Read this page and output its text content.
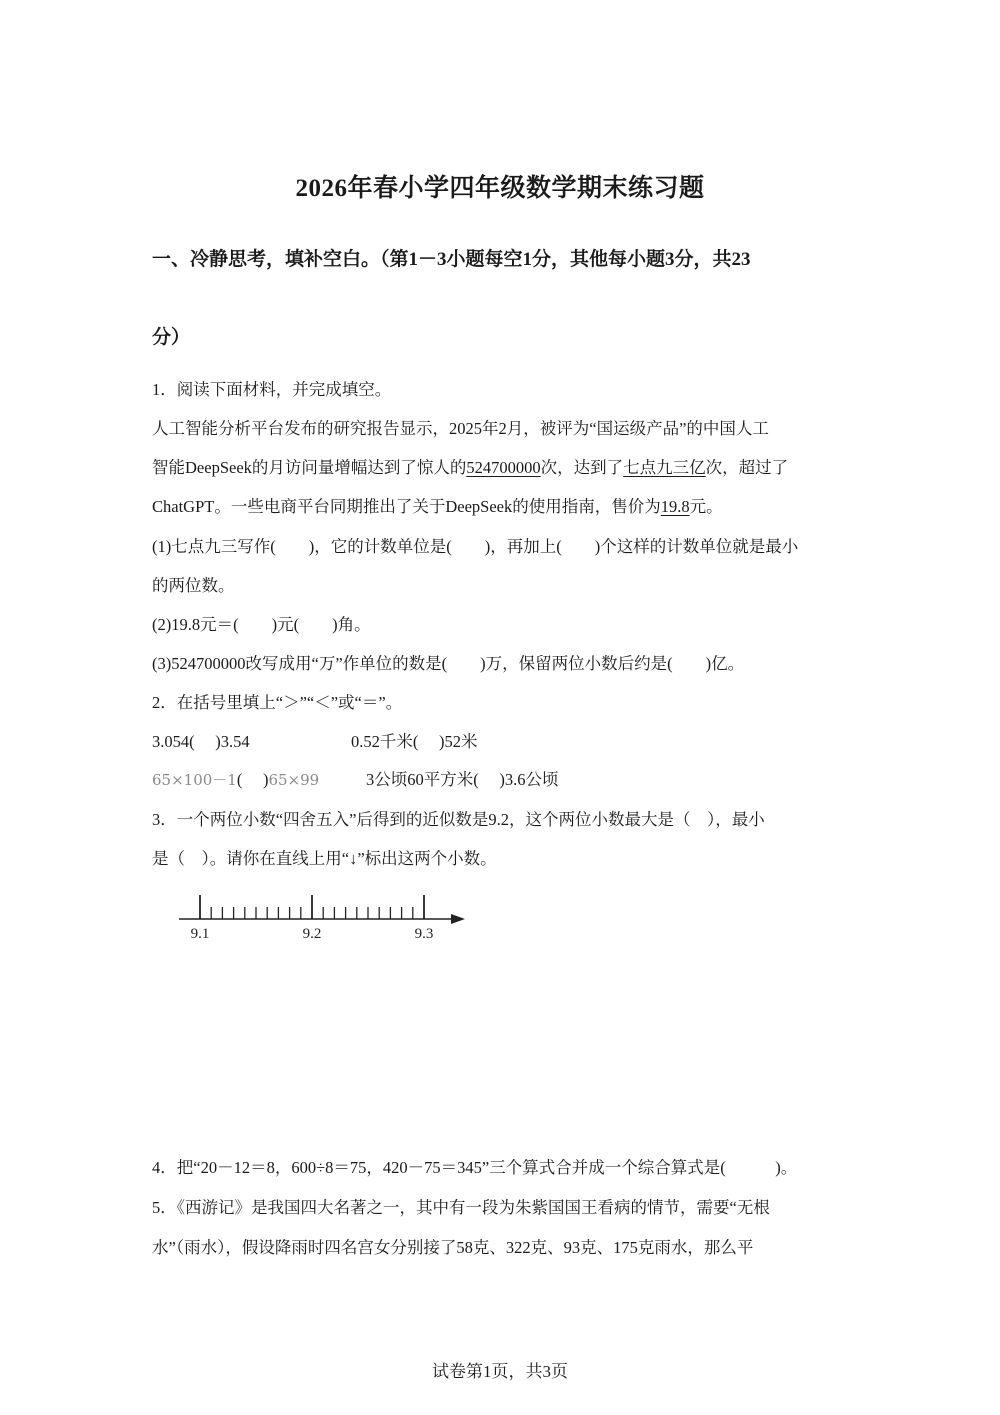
2026年春小学四年级数学期末练习题
一、冷静思考，填补空白。（第1－3小题每空1分，其他每小题3分，共23
分）
1．阅读下面材料，并完成填空。
人工智能分析平台发布的研究报告显示，2025年2月，被评为“国运级产品”的中国人工
智能DeepSeek的月访问量增幅达到了惊人的524700000次，达到了七点九三亿次，超过了
ChatGPT。一些电商平台同期推出了关于DeepSeek的使用指南，售价为19.8元。
(1)七点九三写作(　　)，它的计数单位是(　　)，再加上(　　)个这样的计数单位就是最小
的两位数。
(2)19.8元＝(　　)元(　　)角。
(3)524700000改写成用“万”作单位的数是(　　)万，保留两位小数后约是(　　)亿。
2．在括号里填上“＞”“＜”或“＝”。
3.054(　 )3.54	0.52千米(　 )52米
65×100－1(　 )65×99	3公顷60平方米(　 )3.6公顷
3．一个两位小数“四舍五入”后得到的近似数是9.2，这个两位小数最大是（　），最小
是（　）。请你在直线上用“↓”标出这两个小数。
9.1	9.2	9.3
4．把“20－12＝8，600÷8＝75，420－75＝345”三个算式合并成一个综合算式是(　　　)。
5．《西游记》是我国四大名著之一，其中有一段为朱紫国国王看病的情节，需要“无根
水”（雨水），假设降雨时四名宫女分别接了58克、322克、93克、175克雨水，那么平
试卷第1页，共3页
